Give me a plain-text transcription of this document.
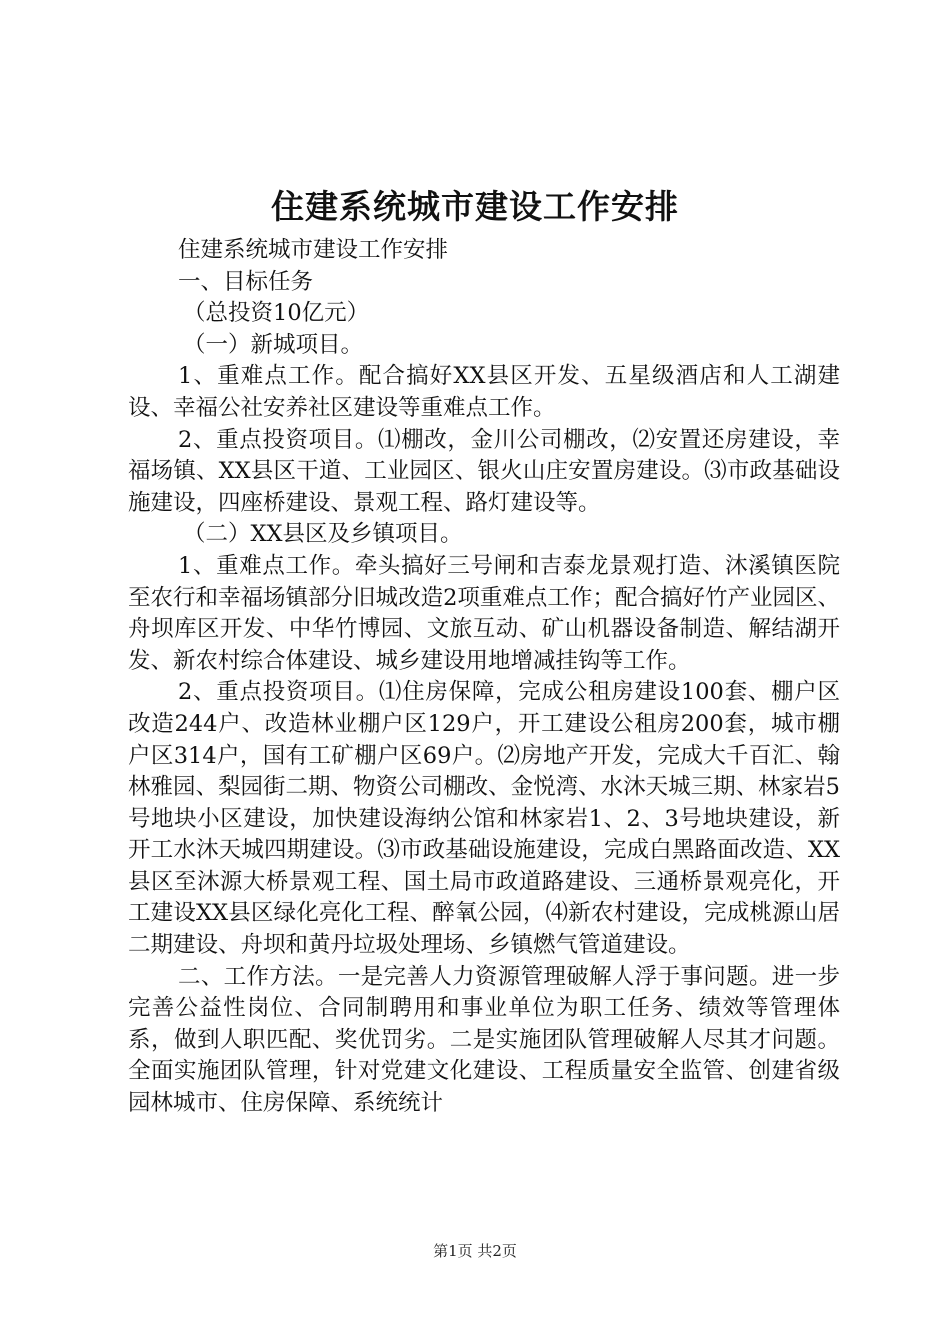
住建系统城市建设工作安排

住建系统城市建设工作安排

一、目标任务

（总投资10亿元）

（一）新城项目。

1、重难点工作。配合搞好XX县区开发、五星级酒店和人工湖建设、幸福公社安养社区建设等重难点工作。

2、重点投资项目。⑴棚改，金川公司棚改，⑵安置还房建设，幸福场镇、XX县区干道、工业园区、银火山庄安置房建设。⑶市政基础设施建设，四座桥建设、景观工程、路灯建设等。

（二）XX县区及乡镇项目。

1、重难点工作。牵头搞好三号闸和吉泰龙景观打造、沐溪镇医院至农行和幸福场镇部分旧城改造2项重难点工作；配合搞好竹产业园区、舟坝库区开发、中华竹博园、文旅互动、矿山机器设备制造、解结湖开发、新农村综合体建设、城乡建设用地增减挂钩等工作。

2、重点投资项目。⑴住房保障，完成公租房建设100套、棚户区改造244户、改造林业棚户区129户，开工建设公租房200套，城市棚户区314户，国有工矿棚户区69户。⑵房地产开发，完成大千百汇、翰林雅园、梨园街二期、物资公司棚改、金悦湾、水沐天城三期、林家岩5号地块小区建设，加快建设海纳公馆和林家岩1、2、3号地块建设，新开工水沐天城四期建设。⑶市政基础设施建设，完成白黑路面改造、XX县区至沐源大桥景观工程、国土局市政道路建设、三通桥景观亮化，开工建设XX县区绿化亮化工程、醉氧公园，⑷新农村建设，完成桃源山居二期建设、舟坝和黄丹垃圾处理场、乡镇燃气管道建设。

二、工作方法。一是完善人力资源管理破解人浮于事问题。进一步完善公益性岗位、合同制聘用和事业单位为职工任务、绩效等管理体系，做到人职匹配、奖优罚劣。二是实施团队管理破解人尽其才问题。全面实施团队管理，针对党建文化建设、工程质量安全监管、创建省级园林城市、住房保障、系统统计

第1页 共2页
